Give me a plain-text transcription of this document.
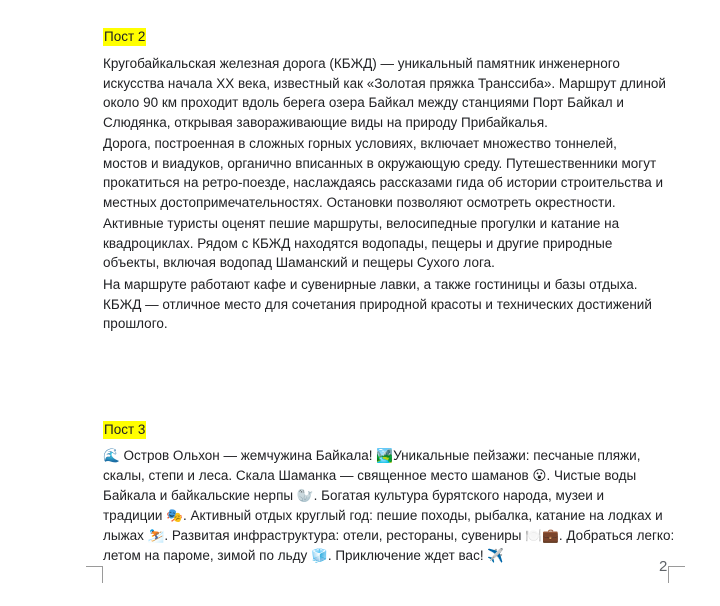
Пост 2

Кругобайкальская железная дорога (КБЖД) — уникальный памятник инженерного
искусства начала XX века, известный как «Золотая пряжка Транссиба». Маршрут длиной
около 90 км проходит вдоль берега озера Байкал между станциями Порт Байкал и
Слюдянка, открывая завораживающие виды на природу Прибайкалья.

Дорога, построенная в сложных горных условиях, включает множество тоннелей,
мостов и виадуков, органично вписанных в окружающую среду. Путешественники могут
прокатиться на ретро-поезде, наслаждаясь рассказами гида об истории строительства и
местных достопримечательностях. Остановки позволяют осмотреть окрестности.

Активные туристы оценят пешие маршруты, велосипедные прогулки и катание на
квадроциклах. Рядом с КБЖД находятся водопады, пещеры и другие природные
объекты, включая водопад Шаманский и пещеры Сухого лога.

На маршруте работают кафе и сувенирные лавки, а также гостиницы и базы отдыха.
КБЖД — отличное место для сочетания природной красоты и технических достижений
прошлого.

Пост 3

🌊 Остров Ольхон — жемчужина Байкала! 🏞️Уникальные пейзажи: песчаные пляжи,
скалы, степи и леса. Скала Шаманка — священное место шаманов 😮. Чистые воды
Байкала и байкальские нерпы 🦭. Богатая культура бурятского народа, музеи и
традиции 🎭. Активный отдых круглый год: пешие походы, рыбалка, катание на лодках и
лыжах ⛷️. Развитая инфраструктура: отели, рестораны, сувениры 🍽️💼. Добраться легко:
летом на пароме, зимой по льду 🧊. Приключение ждет вас! ✈️

2
